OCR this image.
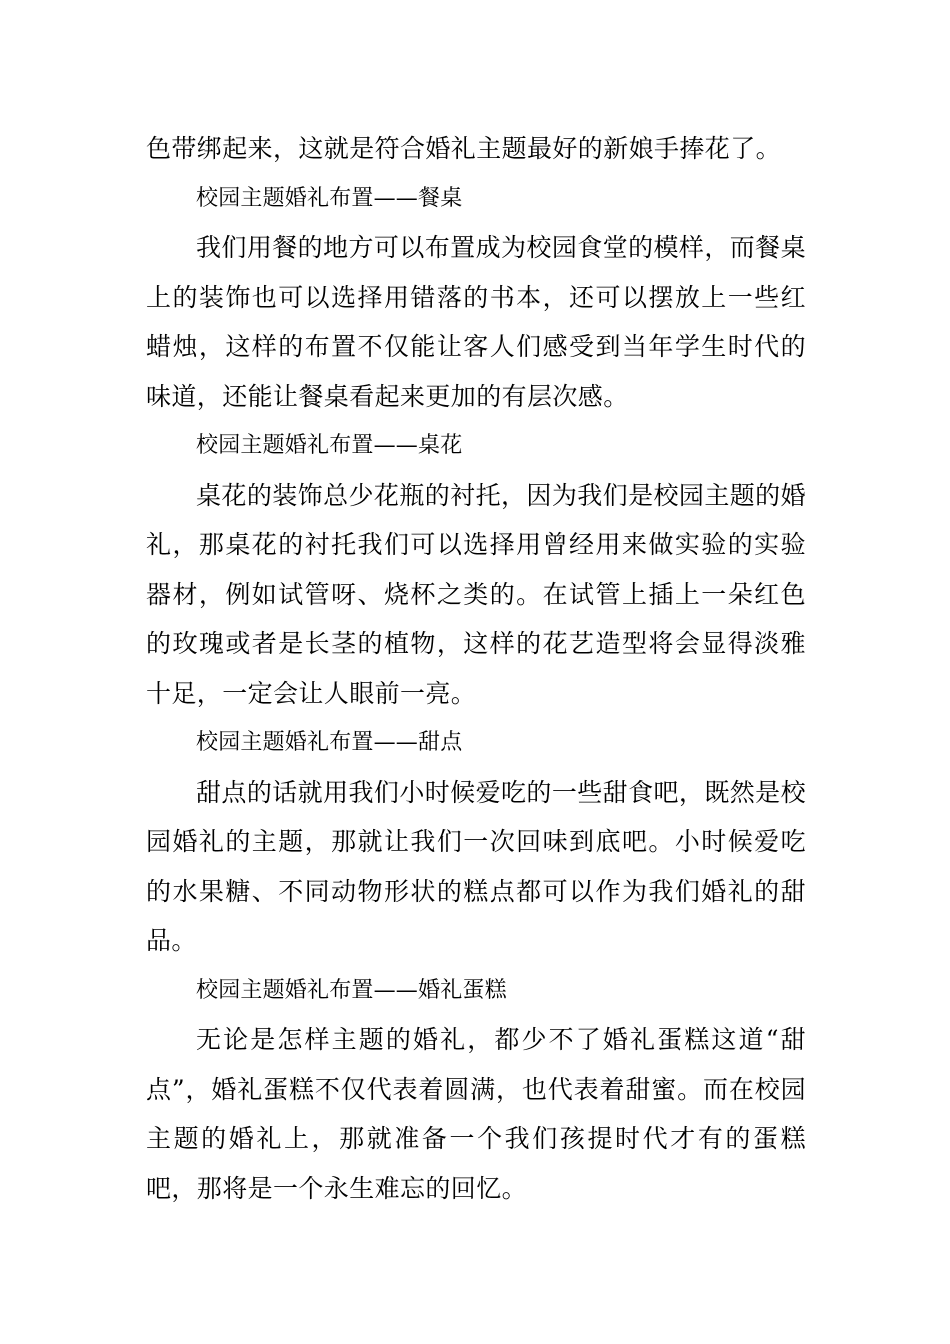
色带绑起来，这就是符合婚礼主题最好的新娘手捧花了。

校园主题婚礼布置——餐桌

我们用餐的地方可以布置成为校园食堂的模样，而餐桌上的装饰也可以选择用错落的书本，还可以摆放上一些红蜡烛，这样的布置不仅能让客人们感受到当年学生时代的味道，还能让餐桌看起来更加的有层次感。

校园主题婚礼布置——桌花

桌花的装饰总少花瓶的衬托，因为我们是校园主题的婚礼，那桌花的衬托我们可以选择用曾经用来做实验的实验器材，例如试管呀、烧杯之类的。在试管上插上一朵红色的玫瑰或者是长茎的植物，这样的花艺造型将会显得淡雅十足，一定会让人眼前一亮。

校园主题婚礼布置——甜点

甜点的话就用我们小时候爱吃的一些甜食吧，既然是校园婚礼的主题，那就让我们一次回味到底吧。小时候爱吃的水果糖、不同动物形状的糕点都可以作为我们婚礼的甜品。

校园主题婚礼布置——婚礼蛋糕

无论是怎样主题的婚礼，都少不了婚礼蛋糕这道“甜点”，婚礼蛋糕不仅代表着圆满，也代表着甜蜜。而在校园主题的婚礼上，那就准备一个我们孩提时代才有的蛋糕吧，那将是一个永生难忘的回忆。
